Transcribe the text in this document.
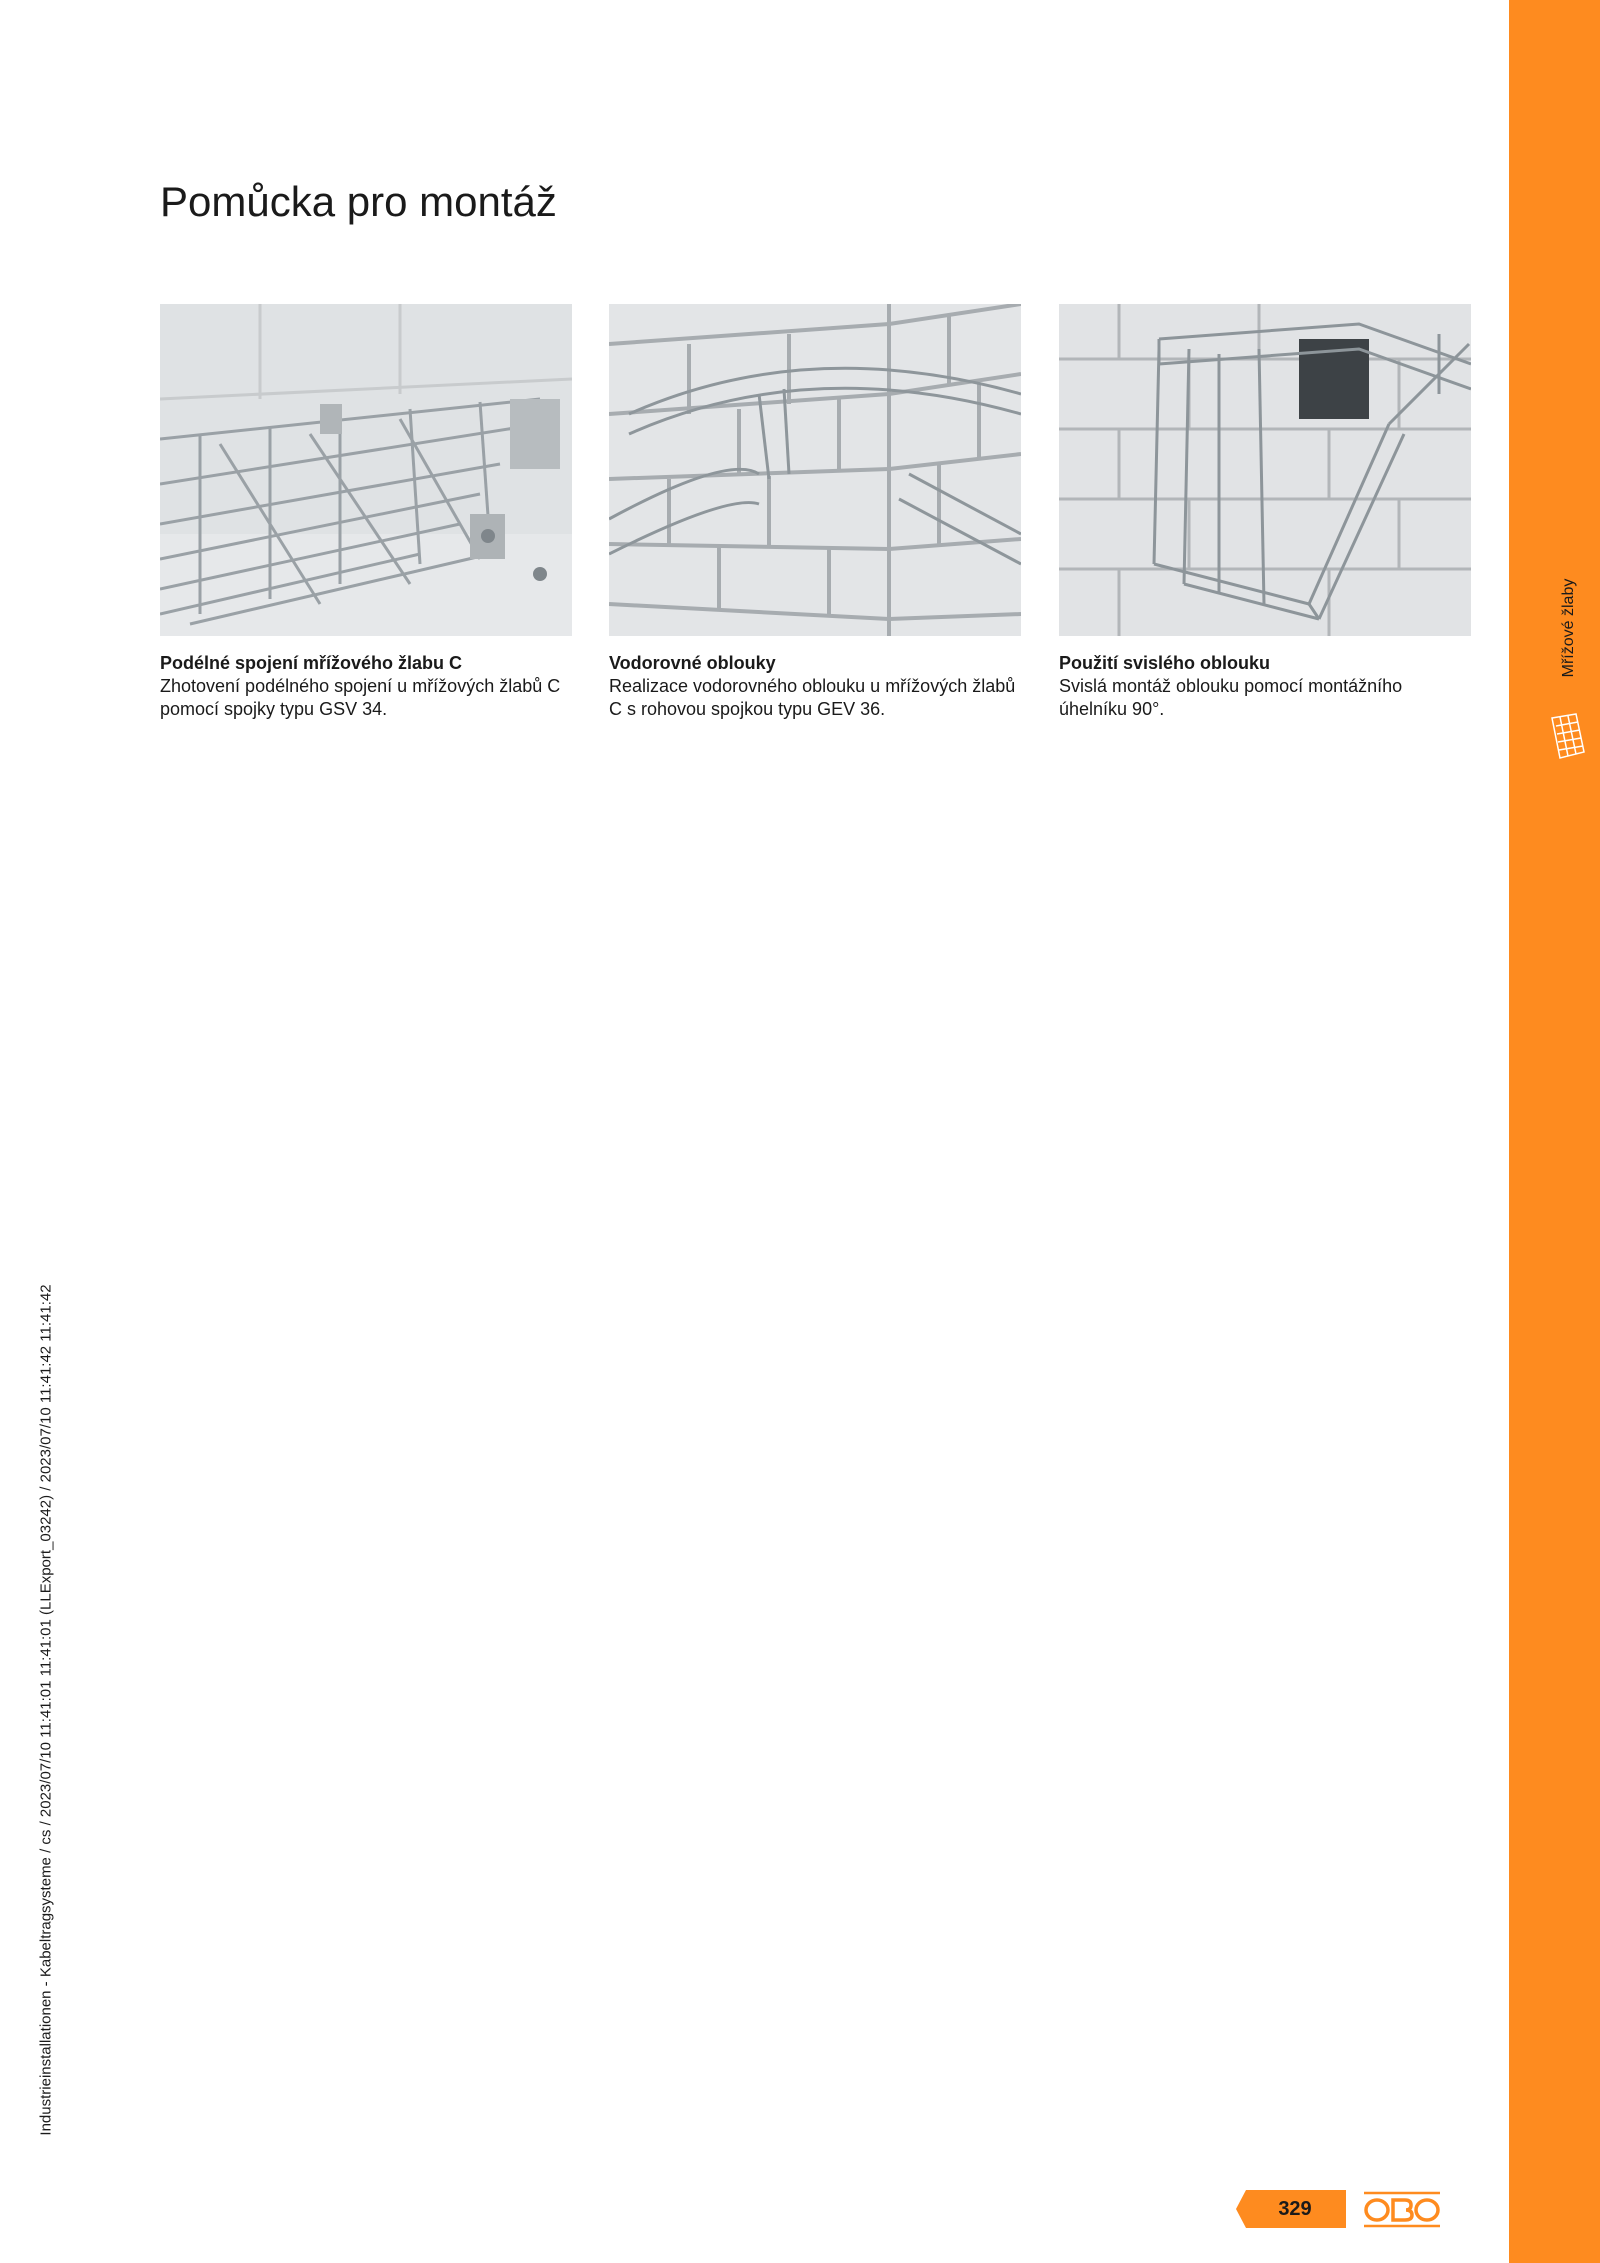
Pomůcka pro montáž
Podélné spojení mřížového žlabu C
Zhotovení podélného spojení u mřížových žlabů C pomocí spojky typu GSV 34.
Vodorovné oblouky
Realizace vodorovného oblouku u mřížových žlabů C s rohovou spojkou typu GEV 36.
Použití svislého oblouku
Svislá montáž oblouku pomocí montážního úhelníku 90°.
Mřížové žlaby
Industrieinstallationen - Kabeltragsysteme / cs / 2023/07/10 11:41:01 11:41:01 (LLExport_03242) / 2023/07/10 11:41:42 11:41:42
329
